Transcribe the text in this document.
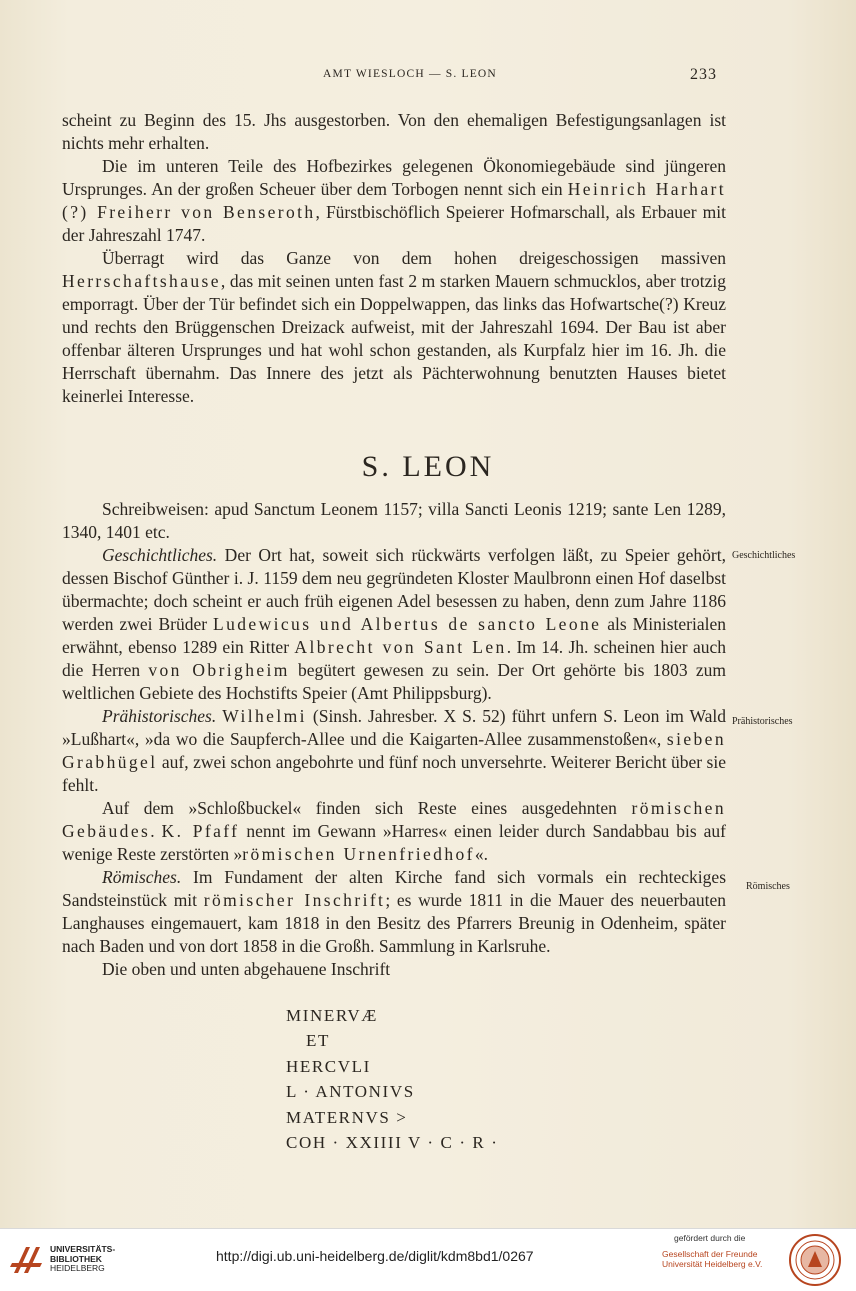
AMT WIESLOCH — S. LEON	233

scheint zu Beginn des 15. Jhs ausgestorben. Von den ehemaligen Befestigungsanlagen ist nichts mehr erhalten.

Die im unteren Teile des Hofbezirkes gelegenen Ökonomiegebäude sind jüngeren Ursprunges. An der großen Scheuer über dem Torbogen nennt sich ein Heinrich Harhart (?) Freiherr von Benseroth, Fürstbischöflich Speierer Hofmarschall, als Erbauer mit der Jahreszahl 1747.

Überragt wird das Ganze von dem hohen dreigeschossigen massiven Herrschaftshause, das mit seinen unten fast 2 m starken Mauern schmucklos, aber trotzig emporragt. Über der Tür befindet sich ein Doppelwappen, das links das Hofwartsche(?) Kreuz und rechts den Brüggenschen Dreizack aufweist, mit der Jahreszahl 1694. Der Bau ist aber offenbar älteren Ursprunges und hat wohl schon gestanden, als Kurpfalz hier im 16. Jh. die Herrschaft übernahm. Das Innere des jetzt als Pächterwohnung benutzten Hauses bietet keinerlei Interesse.

S. LEON

Schreibweisen: apud Sanctum Leonem 1157; villa Sancti Leonis 1219; sante Len 1289, 1340, 1401 etc.

Geschichtliches. Der Ort hat, soweit sich rückwärts verfolgen läßt, zu Speier gehört, dessen Bischof Günther i. J. 1159 dem neu gegründeten Kloster Maulbronn einen Hof daselbst übermachte; doch scheint er auch früh eigenen Adel besessen zu haben, denn zum Jahre 1186 werden zwei Brüder Ludewicus und Albertus de sancto Leone als Ministerialen erwähnt, ebenso 1289 ein Ritter Albrecht von Sant Len. Im 14. Jh. scheinen hier auch die Herren von Obrigheim begütert gewesen zu sein. Der Ort gehörte bis 1803 zum weltlichen Gebiete des Hochstifts Speier (Amt Philippsburg).

Prähistorisches. Wilhelmi (Sinsh. Jahresber. X S. 52) führt unfern S. Leon im Wald »Lußhart«, »da wo die Saupferch-Allee und die Kaigarten-Allee zusammenstoßen«, sieben Grabhügel auf, zwei schon angebohrte und fünf noch unversehrte. Weiterer Bericht über sie fehlt.

Auf dem »Schloßbuckel« finden sich Reste eines ausgedehnten römischen Gebäudes. K. Pfaff nennt im Gewann »Harres« einen leider durch Sandabbau bis auf wenige Reste zerstörten »römischen Urnenfriedhof«.

Römisches. Im Fundament der alten Kirche fand sich vormals ein rechteckiges Sandsteinstück mit römischer Inschrift; es wurde 1811 in die Mauer des neuerbauten Langhauses eingemauert, kam 1818 in den Besitz des Pfarrers Breunig in Odenheim, später nach Baden und von dort 1858 in die Großh. Sammlung in Karlsruhe.

Die oben und unten abgehauene Inschrift

Geschichtliches
Prähistorisches
Römisches
MINERVÆ
ET
HERCVLI
L · ANTONIVS
MATERNVS >
COH · XXIIII V · C · R ·
UNIVERSITÄTS-
BIBLIOTHEK
HEIDELBERG
http://digi.ub.uni-heidelberg.de/diglit/kdm8bd1/0267
gefördert durch die
Gesellschaft der Freunde
Universität Heidelberg e.V.
